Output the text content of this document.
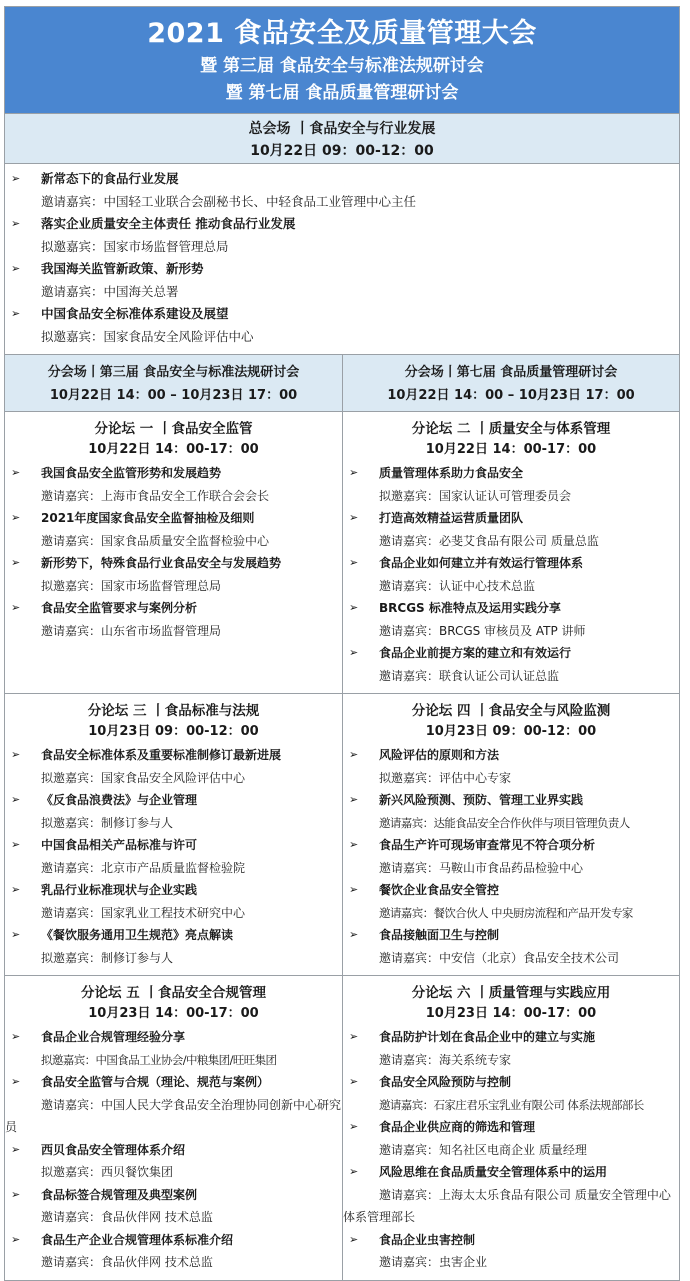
2021 食品安全及质量管理大会
暨 第三届 食品安全与标准法规研讨会
暨 第七届 食品质量管理研讨会
总会场 丨食品安全与行业发展
10月22日 09：00-12：00
➢	新常态下的食品行业发展
邀请嘉宾：中国轻工业联合会副秘书长、中轻食品工业管理中心主任
➢	落实企业质量安全主体责任 推动食品行业发展
拟邀嘉宾：国家市场监督管理总局
➢	我国海关监管新政策、新形势
邀请嘉宾：中国海关总署
➢	中国食品安全标准体系建设及展望
拟邀嘉宾：国家食品安全风险评估中心
分会场丨第三届 食品安全与标准法规研讨会
10月22日 14：00 – 10月23日 17：00
分会场丨第七届 食品质量管理研讨会
10月22日 14：00 – 10月23日 17：00
分论坛 一 丨食品安全监管
10月22日 14：00-17：00
➢	我国食品安全监管形势和发展趋势
邀请嘉宾：上海市食品安全工作联合会会长
➢	2021年度国家食品安全监督抽检及细则
邀请嘉宾：国家食品质量安全监督检验中心
➢	新形势下，特殊食品行业食品安全与发展趋势
拟邀嘉宾：国家市场监督管理总局
➢	食品安全监管要求与案例分析
邀请嘉宾：山东省市场监督管理局
分论坛 二 丨质量安全与体系管理
10月22日 14：00-17：00
➢	质量管理体系助力食品安全
拟邀嘉宾：国家认证认可管理委员会
➢	打造高效精益运营质量团队
邀请嘉宾：必斐艾食品有限公司 质量总监
➢	食品企业如何建立并有效运行管理体系
邀请嘉宾：认证中心技术总监
➢	BRCGS 标准特点及运用实践分享
邀请嘉宾：BRCGS 审核员及 ATP 讲师
➢	食品企业前提方案的建立和有效运行
邀请嘉宾：联食认证公司认证总监
分论坛 三 丨食品标准与法规
10月23日 09：00-12：00
➢	食品安全标准体系及重要标准制修订最新进展
拟邀嘉宾：国家食品安全风险评估中心
➢	《反食品浪费法》与企业管理
拟邀嘉宾：制修订参与人
➢	中国食品相关产品标准与许可
邀请嘉宾：北京市产品质量监督检验院
➢	乳品行业标准现状与企业实践
邀请嘉宾：国家乳业工程技术研究中心
➢	《餐饮服务通用卫生规范》亮点解读
拟邀嘉宾：制修订参与人
分论坛 四 丨食品安全与风险监测
10月23日 09：00-12：00
➢	风险评估的原则和方法
拟邀嘉宾：评估中心专家
➢	新兴风险预测、预防、管理工业界实践
邀请嘉宾：达能食品安全合作伙伴与项目管理负责人
➢	食品生产许可现场审查常见不符合项分析
邀请嘉宾：马鞍山市食品药品检验中心
➢	餐饮企业食品安全管控
邀请嘉宾：餐饮合伙人 中央厨房流程和产品开发专家
➢	食品接触面卫生与控制
邀请嘉宾：中安信（北京）食品安全技术公司
分论坛 五 丨食品安全合规管理
10月23日 14：00-17：00
➢	食品企业合规管理经验分享
拟邀嘉宾：中国食品工业协会/中粮集团/旺旺集团
➢	食品安全监管与合规（理论、规范与案例）
邀请嘉宾：中国人民大学食品安全治理协同创新中心研究员
➢	西贝食品安全管理体系介绍
拟邀嘉宾：西贝餐饮集团
➢	食品标签合规管理及典型案例
邀请嘉宾：食品伙伴网 技术总监
➢	食品生产企业合规管理体系标准介绍
邀请嘉宾：食品伙伴网 技术总监
分论坛 六 丨质量管理与实践应用
10月23日 14：00-17：00
➢	食品防护计划在食品企业中的建立与实施
邀请嘉宾：海关系统专家
➢	食品安全风险预防与控制
邀请嘉宾：石家庄君乐宝乳业有限公司 体系法规部部长
➢	食品企业供应商的筛选和管理
邀请嘉宾：知名社区电商企业 质量经理
➢	风险思维在食品质量安全管理体系中的运用
邀请嘉宾：上海太太乐食品有限公司 质量安全管理中心体系管理部长
➢	食品企业虫害控制
邀请嘉宾：虫害企业
